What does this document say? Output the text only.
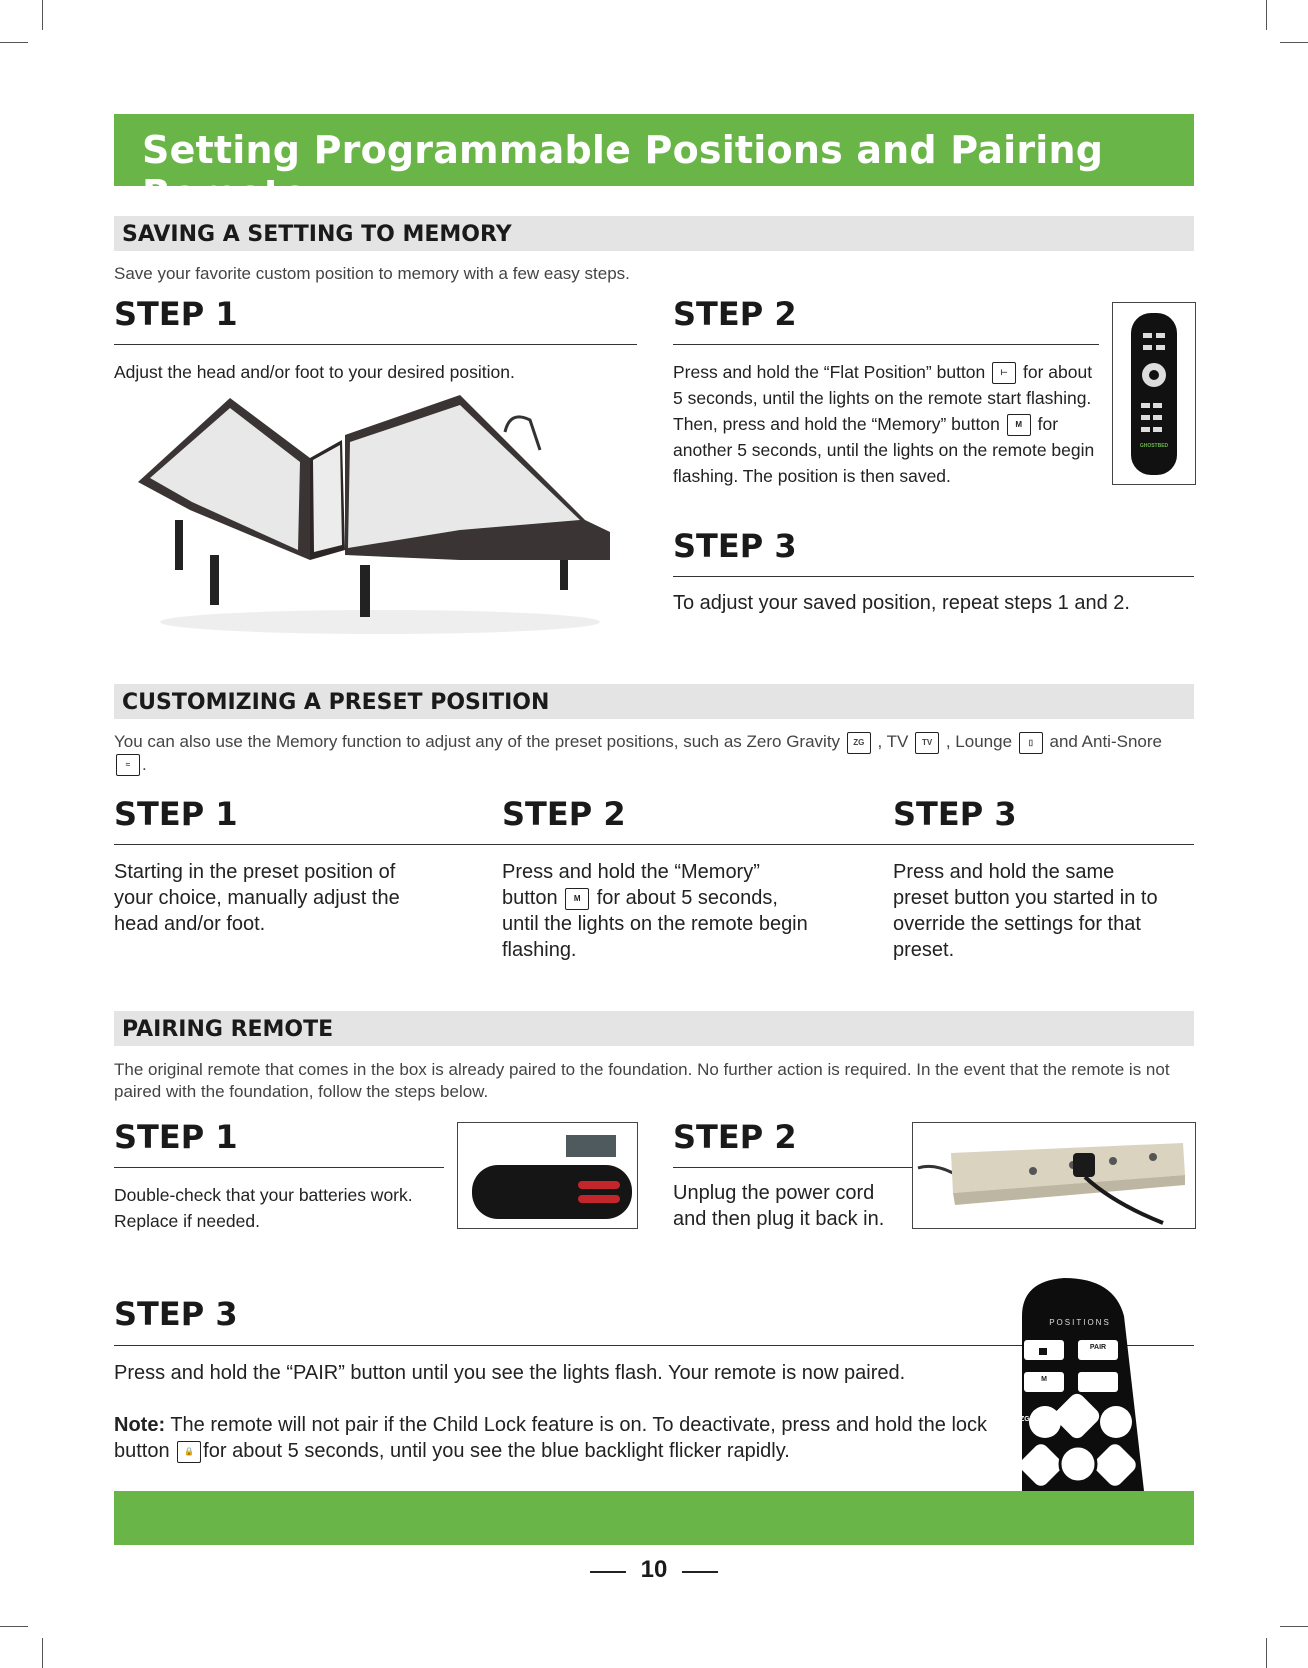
Setting Programmable Positions and Pairing Remote
SAVING A SETTING TO MEMORY
Save your favorite custom position to memory with a few easy steps.
STEP 1
Adjust the head and/or foot to your desired position.
STEP 2
Press and hold the “Flat Position” button ⊢ for about 5 seconds, until the lights on the remote start flashing. Then, press and hold the “Memory” button M for another 5 seconds, until the lights on the remote begin flashing. The position is then saved.
GHOSTBED
STEP 3
To adjust your saved position, repeat steps 1 and 2.
CUSTOMIZING A PRESET POSITION
You can also use the Memory function to adjust any of the preset positions, such as Zero Gravity ZG , TV TV , Lounge ▯ and Anti-Snore ≈ .
STEP 1	STEP 2	STEP 3
Starting in the preset position of your choice, manually adjust the head and/or foot.
Press and hold the “Memory” button M for about 5 seconds, until the lights on the remote begin flashing.
Press and hold the same preset button you started in to override the settings for that preset.
PAIRING REMOTE
The original remote that comes in the box is already paired to the foundation. No further action is required. In the event that the remote is not paired with the foundation, follow the steps below.
STEP 1
Double-check that your batteries work.
Replace if needed.
STEP 2
Unplug the power cord
and then plug it back in.
STEP 3
Press and hold the “PAIR” button until you see the lights flash. Your remote is now paired.
Note: The remote will not pair if the Child Lock feature is on. To deactivate, press and hold the lock button 🔒 for about 5 seconds, until you see the blue backlight flicker rapidly.
POSITIONS
PAIR
M
ZG	TV
10
